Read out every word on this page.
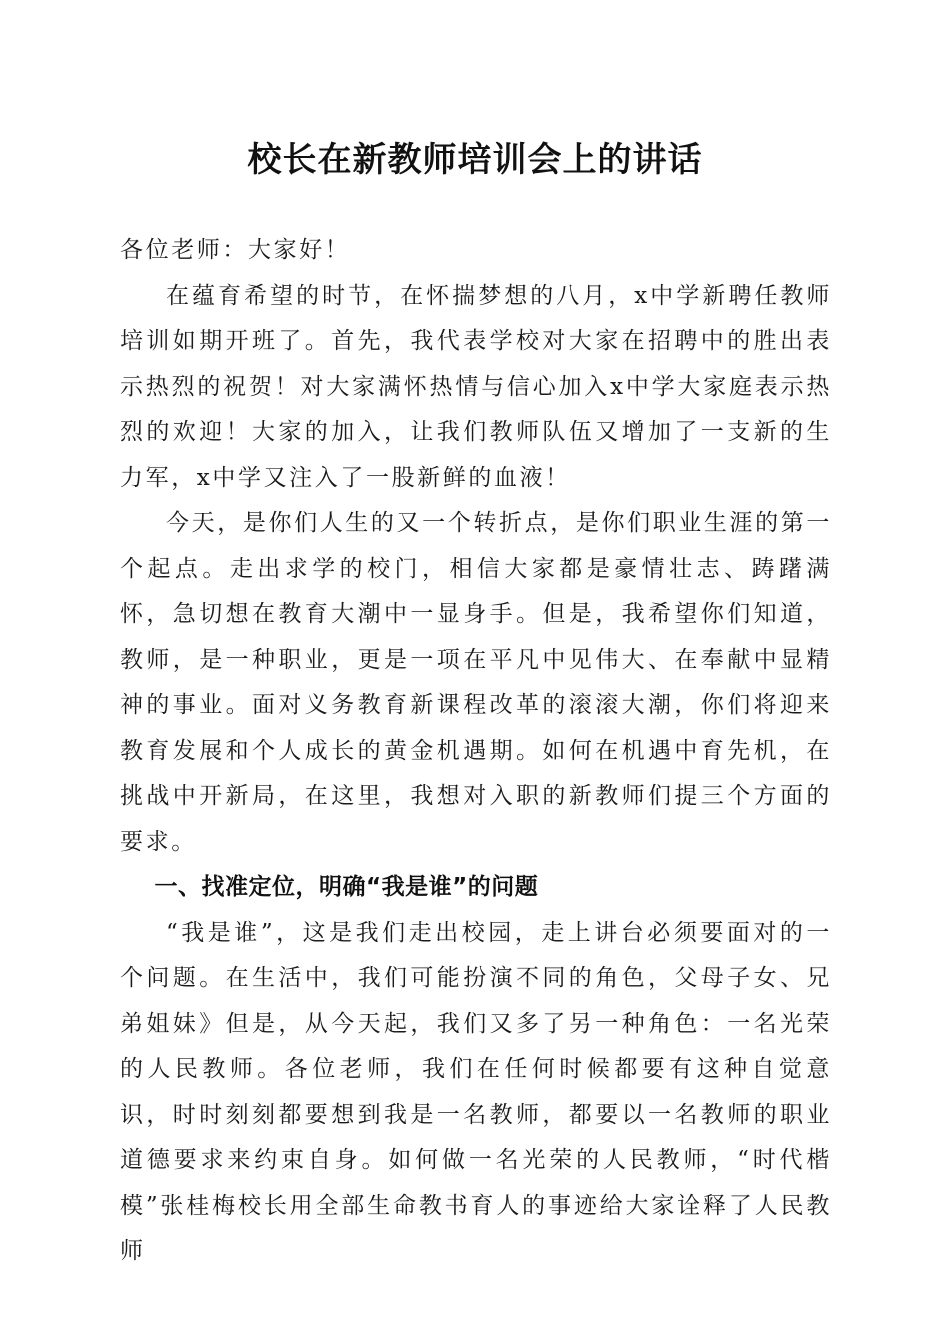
校长在新教师培训会上的讲话

各位老师：大家好！

在蕴育希望的时节，在怀揣梦想的八月，x中学新聘任教师培训如期开班了。首先，我代表学校对大家在招聘中的胜出表示热烈的祝贺！对大家满怀热情与信心加入x中学大家庭表示热烈的欢迎！大家的加入，让我们教师队伍又增加了一支新的生力军，x中学又注入了一股新鲜的血液！

今天，是你们人生的又一个转折点，是你们职业生涯的第一个起点。走出求学的校门，相信大家都是豪情壮志、踌躇满怀，急切想在教育大潮中一显身手。但是，我希望你们知道，教师，是一种职业，更是一项在平凡中见伟大、在奉献中显精神的事业。面对义务教育新课程改革的滚滚大潮，你们将迎来教育发展和个人成长的黄金机遇期。如何在机遇中育先机，在挑战中开新局，在这里，我想对入职的新教师们提三个方面的要求。

一、找准定位，明确“我是谁”的问题

“我是谁”，这是我们走出校园，走上讲台必须要面对的一个问题。在生活中，我们可能扮演不同的角色，父母子女、兄弟姐妹》但是，从今天起，我们又多了另一种角色：一名光荣的人民教师。各位老师，我们在任何时候都要有这种自觉意识，时时刻刻都要想到我是一名教师，都要以一名教师的职业道德要求来约束自身。如何做一名光荣的人民教师，“时代楷模”张桂梅校长用全部生命教书育人的事迹给大家诠释了人民教师
